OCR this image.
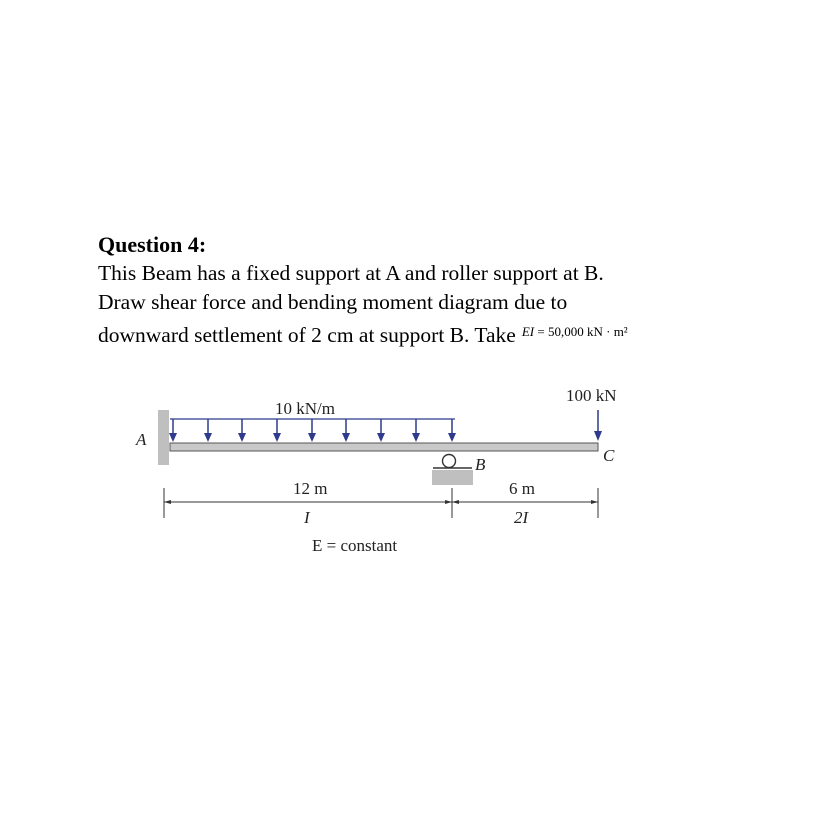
Question 4:
This Beam has a fixed support at A and roller support at B.
Draw shear force and bending moment diagram due to
downward settlement of 2 cm at support B. Take $^{EI = 50,000 kN \cdot m^2}$
A
10 kN/m
B
100 kN
C
12 m
I
6 m
2I
E = constant
